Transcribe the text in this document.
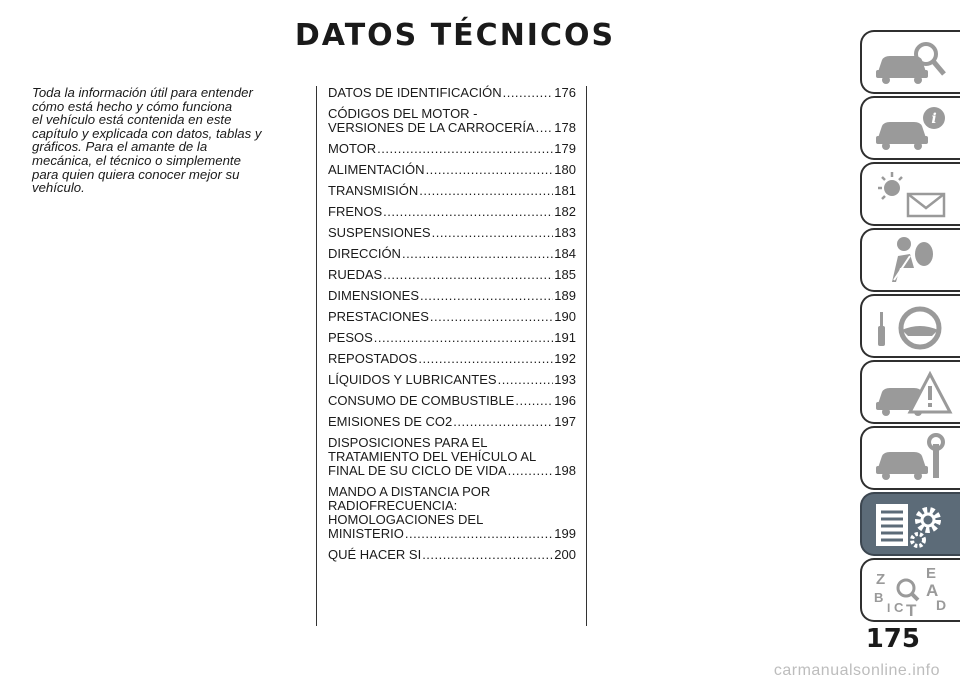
DATOS TÉCNICOS
Toda la información útil para entender
cómo está hecho y cómo funciona
el vehículo está contenida en este
capítulo y explicada con datos, tablas y
gráficos. Para el amante de la
mecánica, el técnico o simplemente
para quien quiera conocer mejor su
vehículo.
DATOS DE IDENTIFICACIÓN .....	176
CÓDIGOS DEL MOTOR -
VERSIONES DE LA CARROCERÍA ..... 178
MOTOR .....	179
ALIMENTACIÓN .....	180
TRANSMISIÓN .....	181
FRENOS .....	182
SUSPENSIONES .....	183
DIRECCIÓN .....	184
RUEDAS .....	185
DIMENSIONES .....	189
PRESTACIONES .....	190
PESOS .....	191
REPOSTADOS .....	192
LÍQUIDOS Y LUBRICANTES .....	193
CONSUMO DE COMBUSTIBLE .....	196
EMISIONES DE CO2 .....	197
DISPOSICIONES PARA EL
TRATAMIENTO DEL VEHÍCULO AL
FINAL DE SU CICLO DE VIDA .....	198
MANDO A DISTANCIA POR
RADIOFRECUENCIA:
HOMOLOGACIONES DEL
MINISTERIO .....	199
QUÉ HACER SI .....	200
i
Z	E
B	A
C T D
I
175
carmanualsonline.info
